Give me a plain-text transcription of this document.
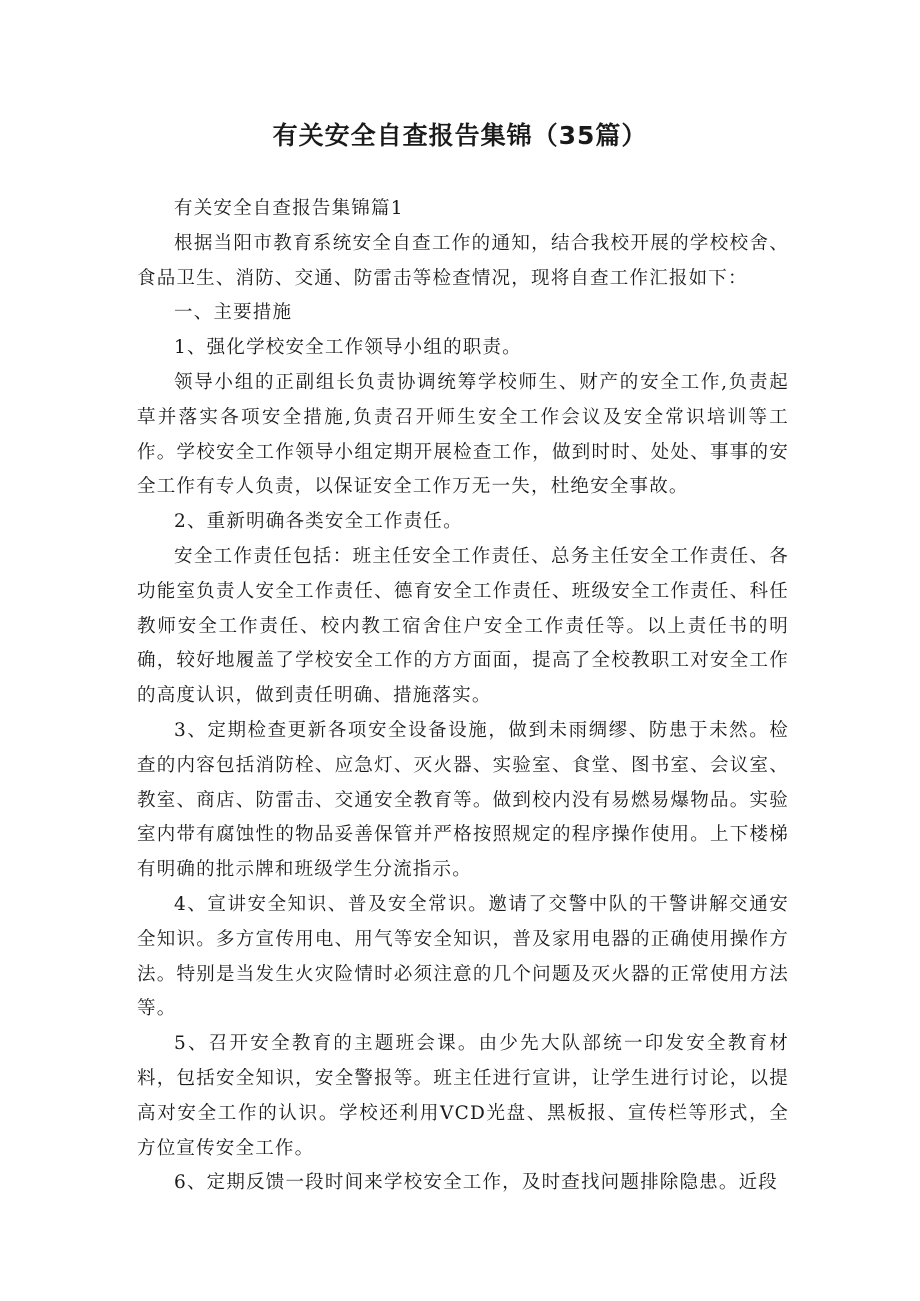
有关安全自查报告集锦（35篇）

有关安全自查报告集锦篇1

根据当阳市教育系统安全自查工作的通知，结合我校开展的学校校舍、食品卫生、消防、交通、防雷击等检查情况，现将自查工作汇报如下：

一、主要措施

1、强化学校安全工作领导小组的职责。

领导小组的正副组长负责协调统筹学校师生、财产的安全工作,负责起草并落实各项安全措施,负责召开师生安全工作会议及安全常识培训等工作。学校安全工作领导小组定期开展检查工作，做到时时、处处、事事的安全工作有专人负责，以保证安全工作万无一失，杜绝安全事故。

2、重新明确各类安全工作责任。

安全工作责任包括：班主任安全工作责任、总务主任安全工作责任、各功能室负责人安全工作责任、德育安全工作责任、班级安全工作责任、科任教师安全工作责任、校内教工宿舍住户安全工作责任等。以上责任书的明确，较好地履盖了学校安全工作的方方面面，提高了全校教职工对安全工作的高度认识，做到责任明确、措施落实。

3、定期检查更新各项安全设备设施，做到未雨绸缪、防患于未然。检查的内容包括消防栓、应急灯、灭火器、实验室、食堂、图书室、会议室、教室、商店、防雷击、交通安全教育等。做到校内没有易燃易爆物品。实验室内带有腐蚀性的物品妥善保管并严格按照规定的程序操作使用。上下楼梯有明确的批示牌和班级学生分流指示。

4、宣讲安全知识、普及安全常识。邀请了交警中队的干警讲解交通安全知识。多方宣传用电、用气等安全知识，普及家用电器的正确使用操作方法。特别是当发生火灾险情时必须注意的几个问题及灭火器的正常使用方法等。

5、召开安全教育的主题班会课。由少先大队部统一印发安全教育材料，包括安全知识，安全警报等。班主任进行宣讲，让学生进行讨论，以提高对安全工作的认识。学校还利用VCD光盘、黑板报、宣传栏等形式，全方位宣传安全工作。

6、定期反馈一段时间来学校安全工作，及时查找问题排除隐患。近段
